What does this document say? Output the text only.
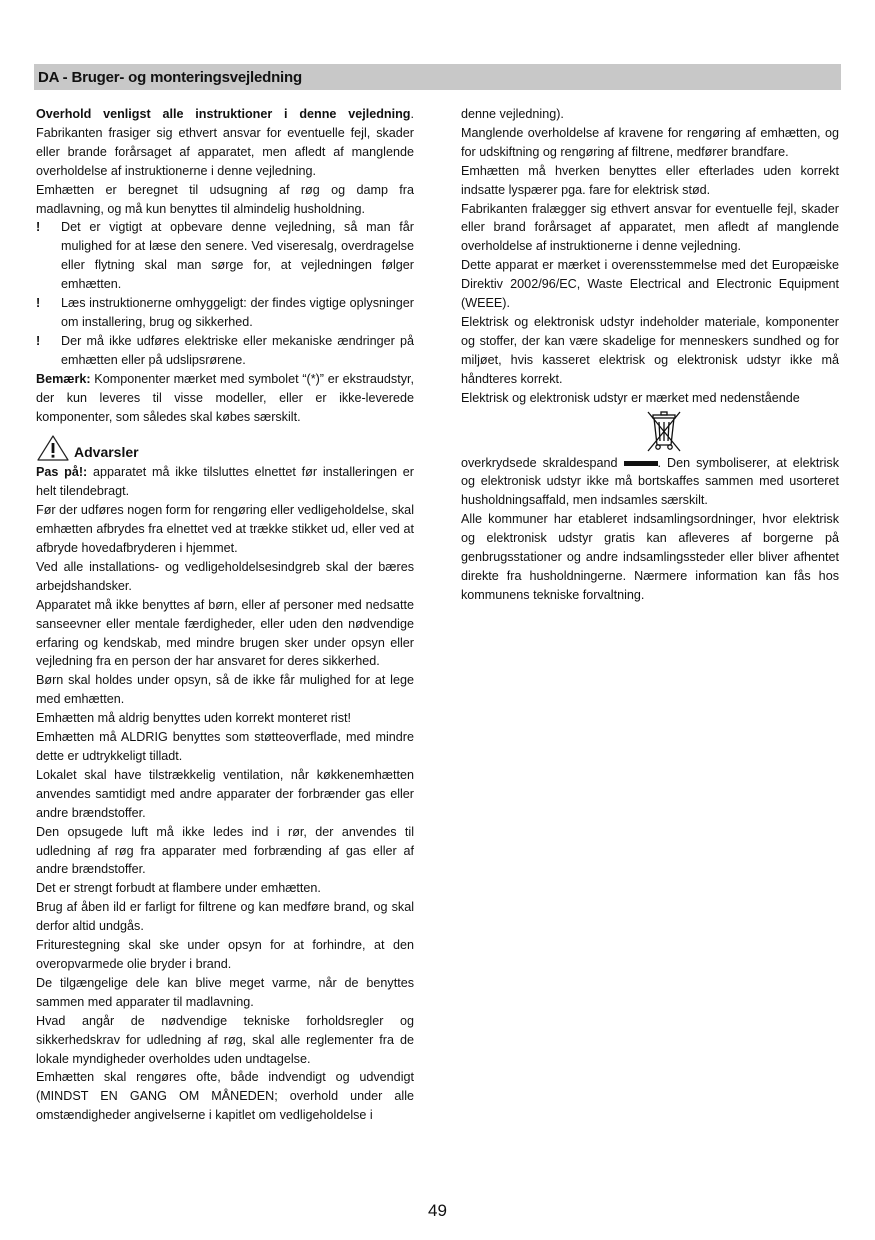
DA - Bruger- og monteringsvejledning

Overhold venligst alle instruktioner i denne vejledning. Fabrikanten frasiger sig ethvert ansvar for eventuelle fejl, skader eller brande forårsaget af apparatet, men afledt af manglende overholdelse af instruktionerne i denne vejledning.

Emhætten er beregnet til udsugning af røg og damp fra madlavning, og må kun benyttes til almindelig husholdning.

!	Det er vigtigt at opbevare denne vejledning, så man får mulighed for at læse den senere. Ved viseresalg, overdragelse eller flytning skal man sørge for, at vejledningen følger emhætten.
!	Læs instruktionerne omhyggeligt: der findes vigtige oplysninger om installering, brug og sikkerhed.
!	Der må ikke udføres elektriske eller mekaniske ændringer på emhætten eller på udslipsrørene.

Bemærk: Komponenter mærket med symbolet “(*)” er ekstraudstyr, der kun leveres til visse modeller, eller er ikke-leverede komponenter, som således skal købes særskilt.

Advarsler

Pas på!: apparatet må ikke tilsluttes elnettet før installeringen er helt tilendebragt.

Før der udføres nogen form for rengøring eller vedligeholdelse, skal emhætten afbrydes fra elnettet ved at trække stikket ud, eller ved at afbryde hovedafbryderen i hjemmet.

Ved alle installations- og vedligeholdelsesindgreb skal der bæres arbejdshandsker.

Apparatet må ikke benyttes af børn, eller af personer med nedsatte sanseevner eller mentale færdigheder, eller uden den nødvendige erfaring og kendskab, med mindre brugen sker under opsyn eller vejledning fra en person der har ansvaret for deres sikkerhed.

Børn skal holdes under opsyn, så de ikke får mulighed for at lege med emhætten.

Emhætten må aldrig benyttes uden korrekt monteret rist!

Emhætten må ALDRIG benyttes som støtteoverflade, med mindre dette er udtrykkeligt tilladt.

Lokalet skal have tilstrækkelig ventilation, når køkkenemhætten anvendes samtidigt med andre apparater der forbrænder gas eller andre brændstoffer.

Den opsugede luft må ikke ledes ind i rør, der anvendes til udledning af røg fra apparater med forbrænding af gas eller af andre brændstoffer.

Det er strengt forbudt at flambere under emhætten.

Brug af åben ild er farligt for filtrene og kan medføre brand, og skal derfor altid undgås.

Friturestegning skal ske under opsyn for at forhindre, at den overopvarmede olie bryder i brand.

De tilgængelige dele kan blive meget varme, når de benyttes sammen med apparater til madlavning.

Hvad angår de nødvendige tekniske forholdsregler og sikkerhedskrav for udledning af røg, skal alle reglementer fra de lokale myndigheder overholdes uden undtagelse.

Emhætten skal rengøres ofte, både indvendigt og udvendigt (MINDST EN GANG OM MÅNEDEN; overhold under alle omstændigheder angivelserne i kapitlet om vedligeholdelse i

denne vejledning).

Manglende overholdelse af kravene for rengøring af emhætten, og for udskiftning og rengøring af filtrene, medfører brandfare.

Emhætten må hverken benyttes eller efterlades uden korrekt indsatte lyspærer pga. fare for elektrisk stød.

Fabrikanten fralægger sig ethvert ansvar for eventuelle fejl, skader eller brand forårsaget af apparatet, men afledt af manglende overholdelse af instruktionerne i denne vejledning.

Dette apparat er mærket i overensstemmelse med det Europæiske Direktiv 2002/96/EC, Waste Electrical and Electronic Equipment (WEEE).

Elektrisk og elektronisk udstyr indeholder materiale, komponenter og stoffer, der kan være skadelige for menneskers sundhed og for miljøet, hvis kasseret elektrisk og elektronisk udstyr ikke må håndteres korrekt.

Elektrisk og elektronisk udstyr er mærket med nedenstående

overkrydsede skraldespand	. Den symboliserer, at elektrisk og elektronisk udstyr ikke må bortskaffes sammen med usorteret husholdningsaffald, men indsamles særskilt.

Alle kommuner har etableret indsamlingsordninger, hvor elektrisk og elektronisk udstyr gratis kan afleveres af borgerne på genbrugsstationer og andre indsamlingssteder eller bliver afhentet direkte fra husholdningerne. Nærmere information kan fås hos kommunens tekniske forvaltning.

49
